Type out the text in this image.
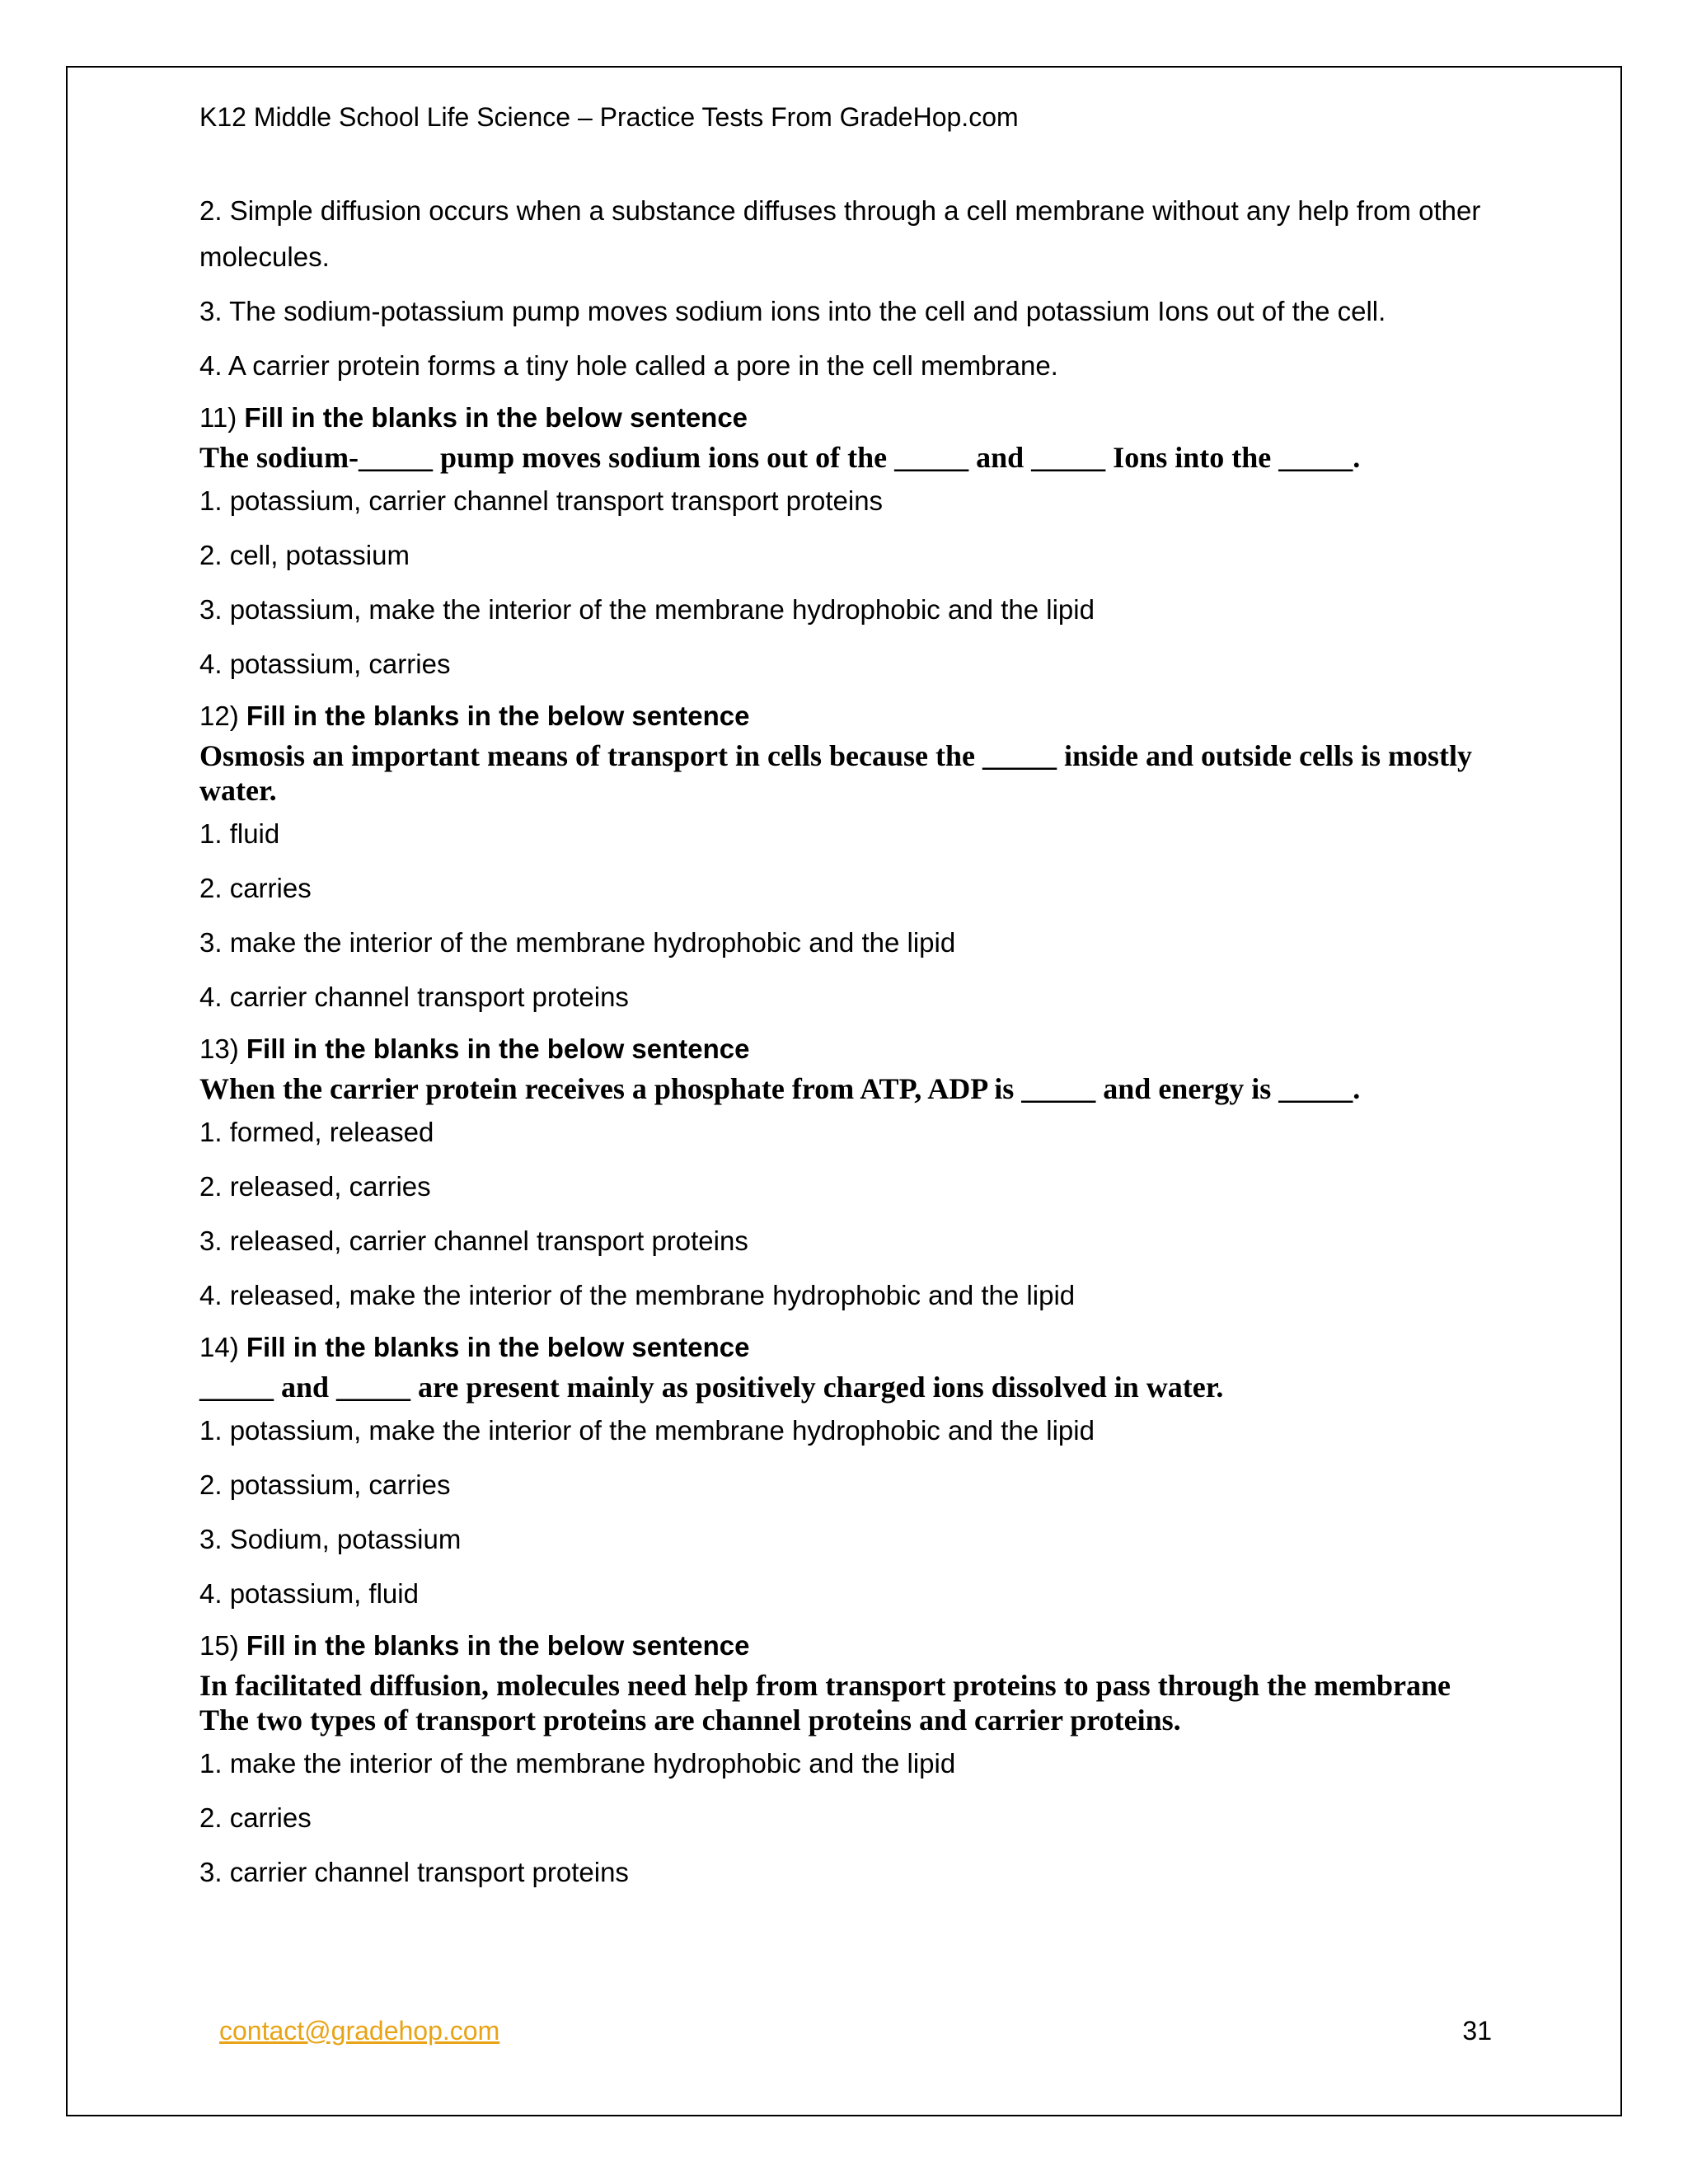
K12 Middle School Life Science – Practice Tests From GradeHop.com
2. Simple diffusion occurs when a substance diffuses through a cell membrane without any help from other molecules.
3. The sodium-potassium pump moves sodium ions into the cell and potassium Ions out of the cell.
4. A carrier protein forms a tiny hole called a pore in the cell membrane.
11) Fill in the blanks in the below sentence
The sodium-_____ pump moves sodium ions out of the _____ and _____ Ions into the _____.
1. potassium, carrier channel transport transport proteins
2. cell, potassium
3. potassium, make the interior of the membrane hydrophobic and the lipid
4. potassium, carries
12) Fill in the blanks in the below sentence
Osmosis an important means of transport in cells because the _____ inside and outside cells is mostly water.
1. fluid
2. carries
3. make the interior of the membrane hydrophobic and the lipid
4. carrier channel transport proteins
13) Fill in the blanks in the below sentence
When the carrier protein receives a phosphate from ATP, ADP is _____ and energy is _____.
1. formed, released
2. released, carries
3. released, carrier channel transport proteins
4. released, make the interior of the membrane hydrophobic and the lipid
14) Fill in the blanks in the below sentence
_____ and _____ are present mainly as positively charged ions dissolved in water.
1. potassium, make the interior of the membrane hydrophobic and the lipid
2. potassium, carries
3. Sodium, potassium
4. potassium, fluid
15) Fill in the blanks in the below sentence
In facilitated diffusion, molecules need help from transport proteins to pass through the membrane The two types of transport proteins are channel proteins and carrier proteins.
1. make the interior of the membrane hydrophobic and the lipid
2. carries
3. carrier channel transport proteins
contact@gradehop.com	31
